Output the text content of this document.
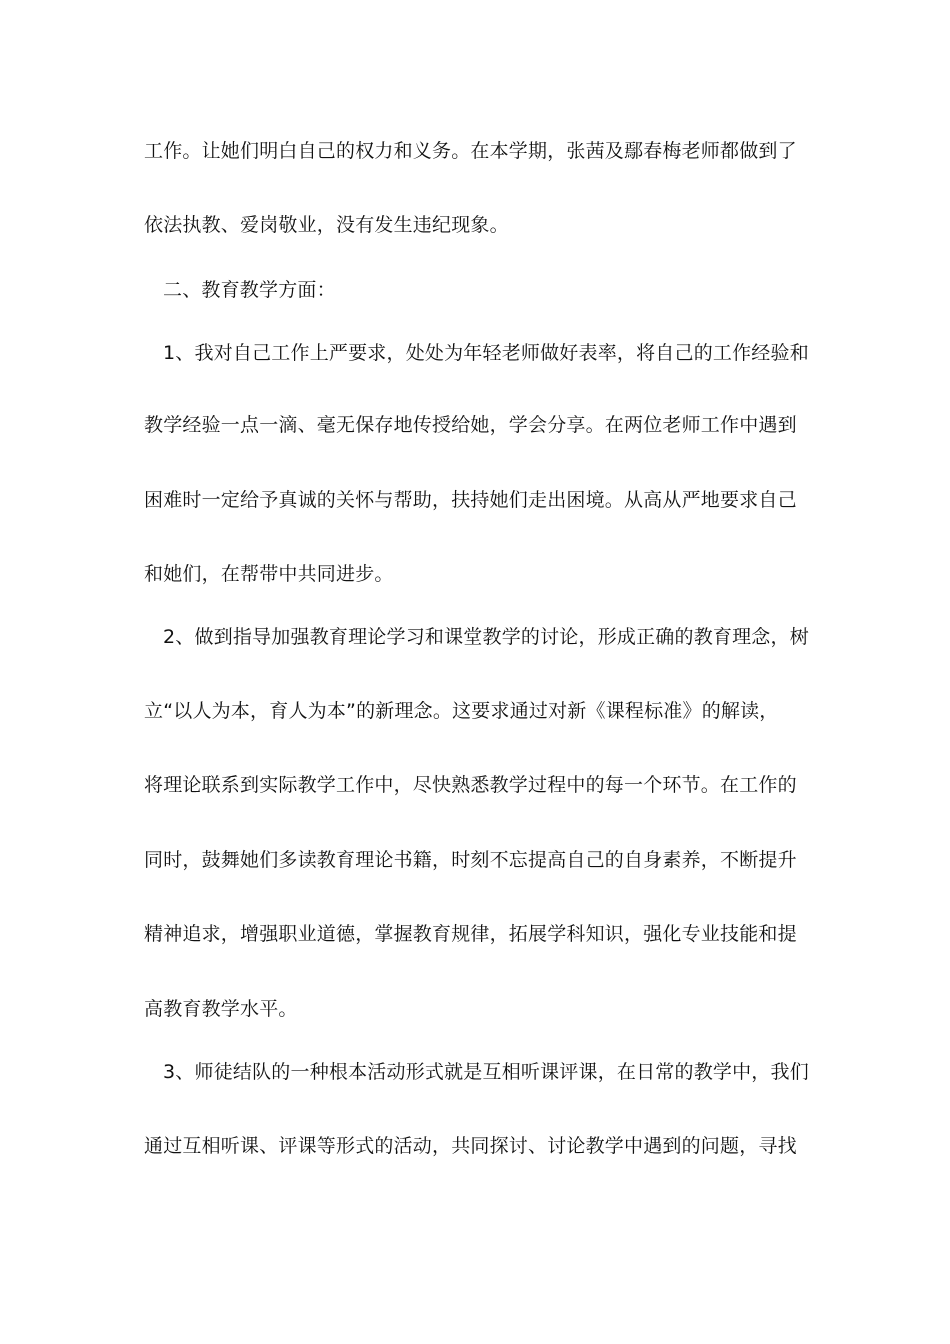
工作。让她们明白自己的权力和义务。在本学期，张茜及鄢春梅老师都做到了
依法执教、爱岗敬业，没有发生违纪现象。
二、教育教学方面：
1、我对自己工作上严要求，处处为年轻老师做好表率，将自己的工作经验和
教学经验一点一滴、毫无保存地传授给她，学会分享。在两位老师工作中遇到
困难时一定给予真诚的关怀与帮助，扶持她们走出困境。从高从严地要求自己
和她们，在帮带中共同进步。
2、做到指导加强教育理论学习和课堂教学的讨论，形成正确的教育理念，树
立“以人为本，育人为本”的新理念。这要求通过对新《课程标准》的解读，
将理论联系到实际教学工作中，尽快熟悉教学过程中的每一个环节。在工作的
同时，鼓舞她们多读教育理论书籍，时刻不忘提高自己的自身素养，不断提升
精神追求，增强职业道德，掌握教育规律，拓展学科知识，强化专业技能和提
高教育教学水平。
3、师徒结队的一种根本活动形式就是互相听课评课，在日常的教学中，我们
通过互相听课、评课等形式的活动，共同探讨、讨论教学中遇到的问题，寻找
